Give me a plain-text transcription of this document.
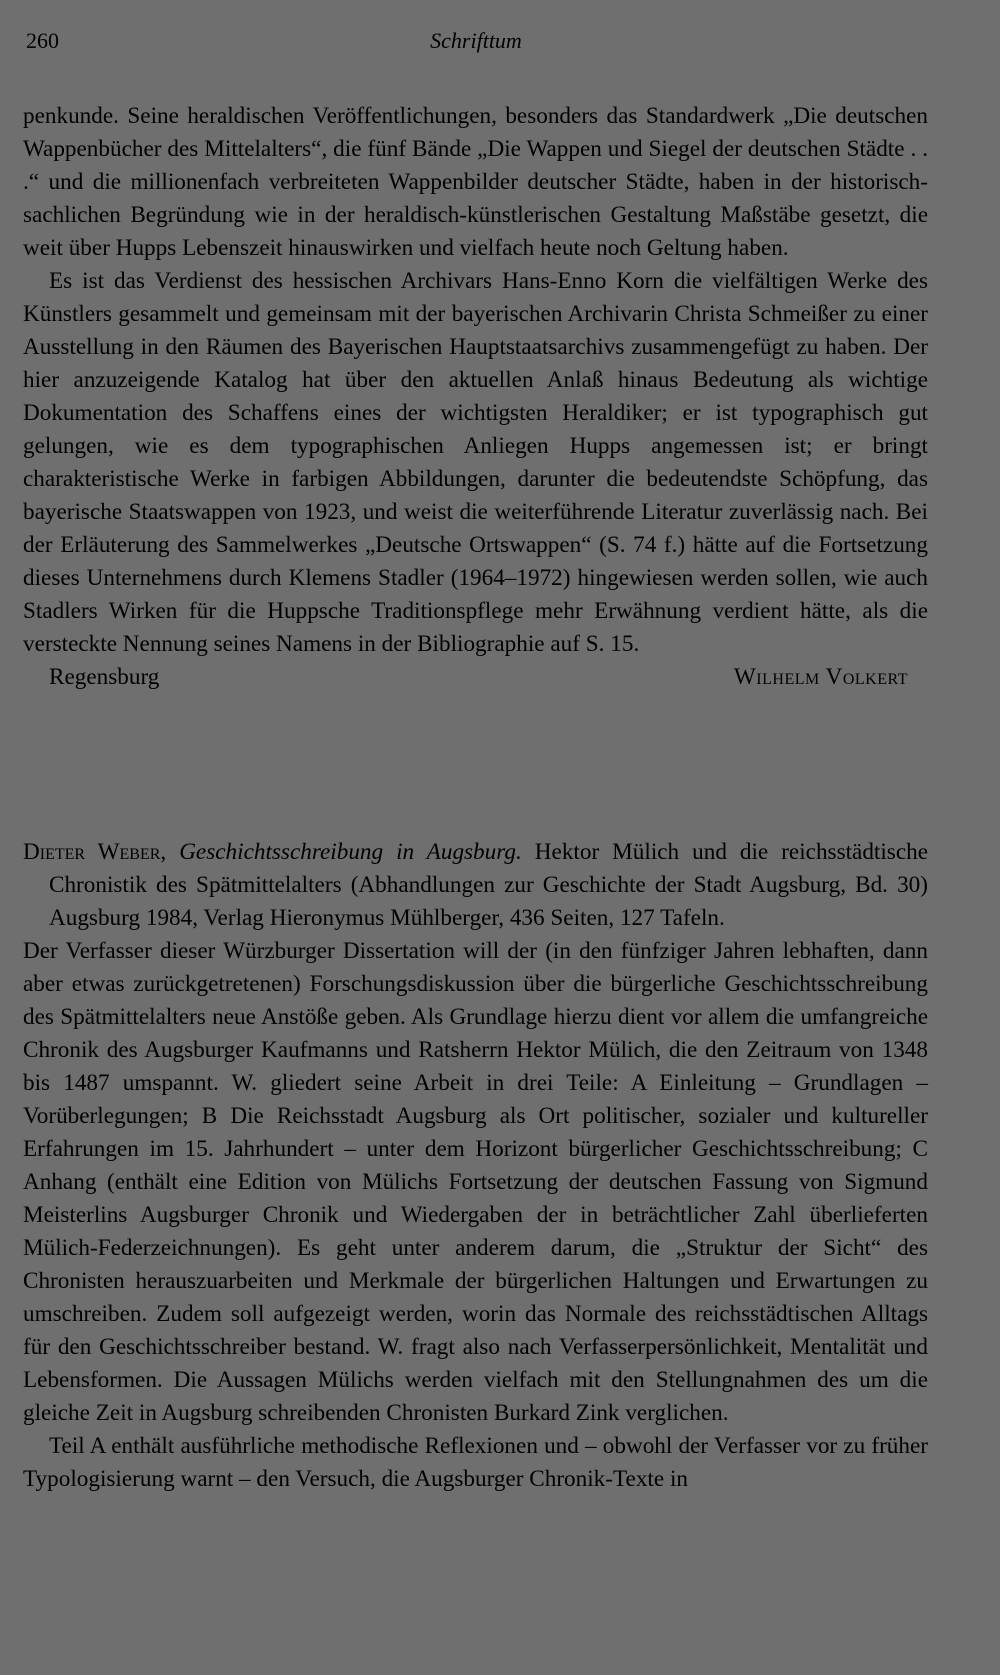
260	Schrifttum

penkunde. Seine heraldischen Veröffentlichungen, besonders das Standardwerk „Die deutschen Wappenbücher des Mittelalters“, die fünf Bände „Die Wappen und Siegel der deutschen Städte . . .“ und die millionenfach verbreiteten Wappenbilder deutscher Städte, haben in der historisch-sachlichen Begründung wie in der heraldisch-künstlerischen Gestaltung Maßstäbe gesetzt, die weit über Hupps Lebenszeit hinauswirken und vielfach heute noch Geltung haben.

Es ist das Verdienst des hessischen Archivars Hans-Enno Korn die vielfältigen Werke des Künstlers gesammelt und gemeinsam mit der bayerischen Archivarin Christa Schmeißer zu einer Ausstellung in den Räumen des Bayerischen Hauptstaatsarchivs zusammengefügt zu haben. Der hier anzuzeigende Katalog hat über den aktuellen Anlaß hinaus Bedeutung als wichtige Dokumentation des Schaffens eines der wichtigsten Heraldiker; er ist typographisch gut gelungen, wie es dem typographischen Anliegen Hupps angemessen ist; er bringt charakteristische Werke in farbigen Abbildungen, darunter die bedeutendste Schöpfung, das bayerische Staatswappen von 1923, und weist die weiterführende Literatur zuverlässig nach. Bei der Erläuterung des Sammelwerkes „Deutsche Ortswappen“ (S. 74 f.) hätte auf die Fortsetzung dieses Unternehmens durch Klemens Stadler (1964–1972) hingewiesen werden sollen, wie auch Stadlers Wirken für die Huppsche Traditionspflege mehr Erwähnung verdient hätte, als die versteckte Nennung seines Namens in der Bibliographie auf S. 15.

Regensburg	Wilhelm Volkert

Dieter Weber, Geschichtsschreibung in Augsburg. Hektor Mülich und die reichsstädtische Chronistik des Spätmittelalters (Abhandlungen zur Geschichte der Stadt Augsburg, Bd. 30) Augsburg 1984, Verlag Hieronymus Mühlberger, 436 Seiten, 127 Tafeln.

Der Verfasser dieser Würzburger Dissertation will der (in den fünfziger Jahren lebhaften, dann aber etwas zurückgetretenen) Forschungsdiskussion über die bürgerliche Geschichtsschreibung des Spätmittelalters neue Anstöße geben. Als Grundlage hierzu dient vor allem die umfangreiche Chronik des Augsburger Kaufmanns und Ratsherrn Hektor Mülich, die den Zeitraum von 1348 bis 1487 umspannt. W. gliedert seine Arbeit in drei Teile: A Einleitung – Grundlagen – Vorüberlegungen; B Die Reichsstadt Augsburg als Ort politischer, sozialer und kultureller Erfahrungen im 15. Jahrhundert – unter dem Horizont bürgerlicher Geschichtsschreibung; C Anhang (enthält eine Edition von Mülichs Fortsetzung der deutschen Fassung von Sigmund Meisterlins Augsburger Chronik und Wiedergaben der in beträchtlicher Zahl überlieferten Mülich-Federzeichnungen). Es geht unter anderem darum, die „Struktur der Sicht“ des Chronisten herauszuarbeiten und Merkmale der bürgerlichen Haltungen und Erwartungen zu umschreiben. Zudem soll aufgezeigt werden, worin das Normale des reichsstädtischen Alltags für den Geschichtsschreiber bestand. W. fragt also nach Verfasserpersönlichkeit, Mentalität und Lebensformen. Die Aussagen Mülichs werden vielfach mit den Stellungnahmen des um die gleiche Zeit in Augsburg schreibenden Chronisten Burkard Zink verglichen.

Teil A enthält ausführliche methodische Reflexionen und – obwohl der Verfasser vor zu früher Typologisierung warnt – den Versuch, die Augsburger Chronik-Texte in
